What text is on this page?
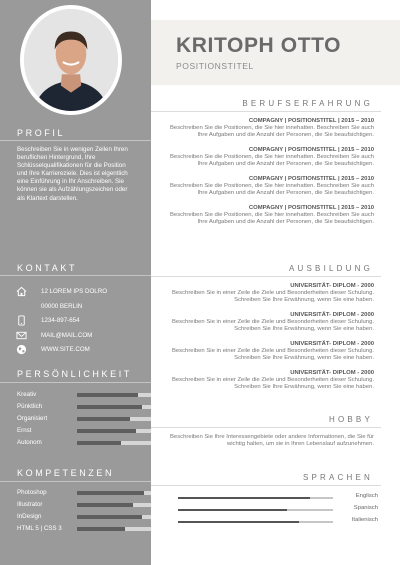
PROFIL
Beschreiben Sie in wenigen Zeilen Ihren beruflichen Hintergrund, Ihre Schlüsselqualifikationen für die Position und Ihre Karriereziele. Dies ist eigentlich eine Einführung in Ihr Anschreiben. Sie können sie als Aufzählungszeichen oder als Klartext darstellen.
KONTAKT
12 LOREM IPS DOLRO
00000 BERLIN
1234-897-654
MAIL@MAIL.COM
WWW.SITE.COM
PERSÖNLICHKEIT
Kreativ
Pünktlich
Organisiert
Ernst
Autonom
KOMPETENZEN
Photoshop
Illustrator
InDesign
HTML 5 | CSS 3
KRITOPH OTTO
POSITIONSTITEL
BERUFSERFAHRUNG
COMPAGNY | POSITIONSTITEL | 2015 – 2010
Beschreiben Sie die Positionen, die Sie hier innehatten. Beschreiben Sie auch Ihre Aufgaben und die Anzahl der Personen, die Sie beaufsichtigen.
COMPAGNY | POSITIONSTITEL | 2015 – 2010
Beschreiben Sie die Positionen, die Sie hier innehatten. Beschreiben Sie auch Ihre Aufgaben und die Anzahl der Personen, die Sie beaufsichtigen.
COMPAGNY | POSITIONSTITEL | 2015 – 2010
Beschreiben Sie die Positionen, die Sie hier innehatten. Beschreiben Sie auch Ihre Aufgaben und die Anzahl der Personen, die Sie beaufsichtigen.
COMPAGNY | POSITIONSTITEL | 2015 – 2010
Beschreiben Sie die Positionen, die Sie hier innehatten. Beschreiben Sie auch Ihre Aufgaben und die Anzahl der Personen, die Sie beaufsichtigen.
AUSBILDUNG
UNIVERSITÄT- DIPLOM - 2000
Beschreiben Sie in einer Zeile die Ziele und Besonderheiten dieser Schulung. Schreiben Sie Ihre Erwähnung, wenn Sie eine haben.
UNIVERSITÄT- DIPLOM - 2000
Beschreiben Sie in einer Zeile die Ziele und Besonderheiten dieser Schulung. Schreiben Sie Ihre Erwähnung, wenn Sie eine haben.
UNIVERSITÄT- DIPLOM - 2000
Beschreiben Sie in einer Zeile die Ziele und Besonderheiten dieser Schulung. Schreiben Sie Ihre Erwähnung, wenn Sie eine haben.
UNIVERSITÄT- DIPLOM - 2000
Beschreiben Sie in einer Zeile die Ziele und Besonderheiten dieser Schulung. Schreiben Sie Ihre Erwähnung, wenn Sie eine haben.
HOBBY
Beschreiben Sie Ihre Interessengebiete oder andere Informationen, die Sie für wichtig halten, um sie in Ihren Lebenslauf aufzunehmen.
SPRACHEN
Englisch
Spanisch
Italienisch
